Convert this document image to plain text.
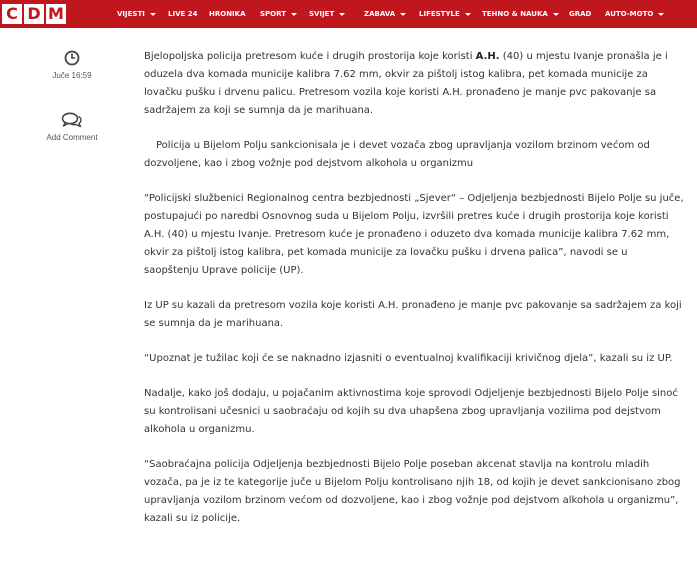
C D M	VIJESTI	LIVE 24 HRONIKA SPORT	SVIJET	ZABAVA	LIFESTYLE	TEHNO & NAUKA	GRAD AUTO-MOTO
Juče 16:59
Add Comment

Bjelopoljska policija pretresom kuće i drugih prostorija koje koristi A.H. (40) u mjestu Ivanje pronašla je i oduzela dva komada municije kalibra 7.62 mm, okvir za pištolj istog kalibra, pet komada municije za lovačku pušku i drvenu palicu. Pretresom vozila koje koristi A.H. pronađeno je manje pvc pakovanje sa sadržajem za koji se sumnja da je marihuana.

Policija u Bijelom Polju sankcionisala je i devet vozača zbog upravljanja vozilom brzinom većom od dozvoljene, kao i zbog vožnje pod dejstvom alkohola u organizmu

“Policijski službenici Regionalnog centra bezbjednosti „Sjever“ – Odjeljenja bezbjednosti Bijelo Polje su juče, postupajući po naredbi Osnovnog suda u Bijelom Polju, izvršili pretres kuće i drugih prostorija koje koristi A.H. (40) u mjestu Ivanje. Pretresom kuće je pronađeno i oduzeto dva komada municije kalibra 7.62 mm, okvir za pištolj istog kalibra, pet komada municije za lovačku pušku i drvena palica”, navodi se u saopštenju Uprave policije (UP).

Iz UP su kazali da pretresom vozila koje koristi A.H. pronađeno je manje pvc pakovanje sa sadržajem za koji se sumnja da je marihuana.

“Upoznat je tužilac koji će se naknadno izjasniti o eventualnoj kvalifikaciji krivičnog djela”, kazali su iz UP.

Nadalje, kako još dodaju, u pojačanim aktivnostima koje sprovodi Odjeljenje bezbjednosti Bijelo Polje sinoć su kontrolisani učesnici u saobraćaju od kojih su dva uhapšena zbog upravljanja vozilima pod dejstvom alkohola u organizmu.

“Saobraćajna policija Odjeljenja bezbjednosti Bijelo Polje poseban akcenat stavlja na kontrolu mladih vozača, pa je iz te kategorije juče u Bijelom Polju kontrolisano njih 18, od kojih je devet sankcionisano zbog upravljanja vozilom brzinom većom od dozvoljene, kao i zbog vožnje pod dejstvom alkohola u organizmu”, kazali su iz policije.
